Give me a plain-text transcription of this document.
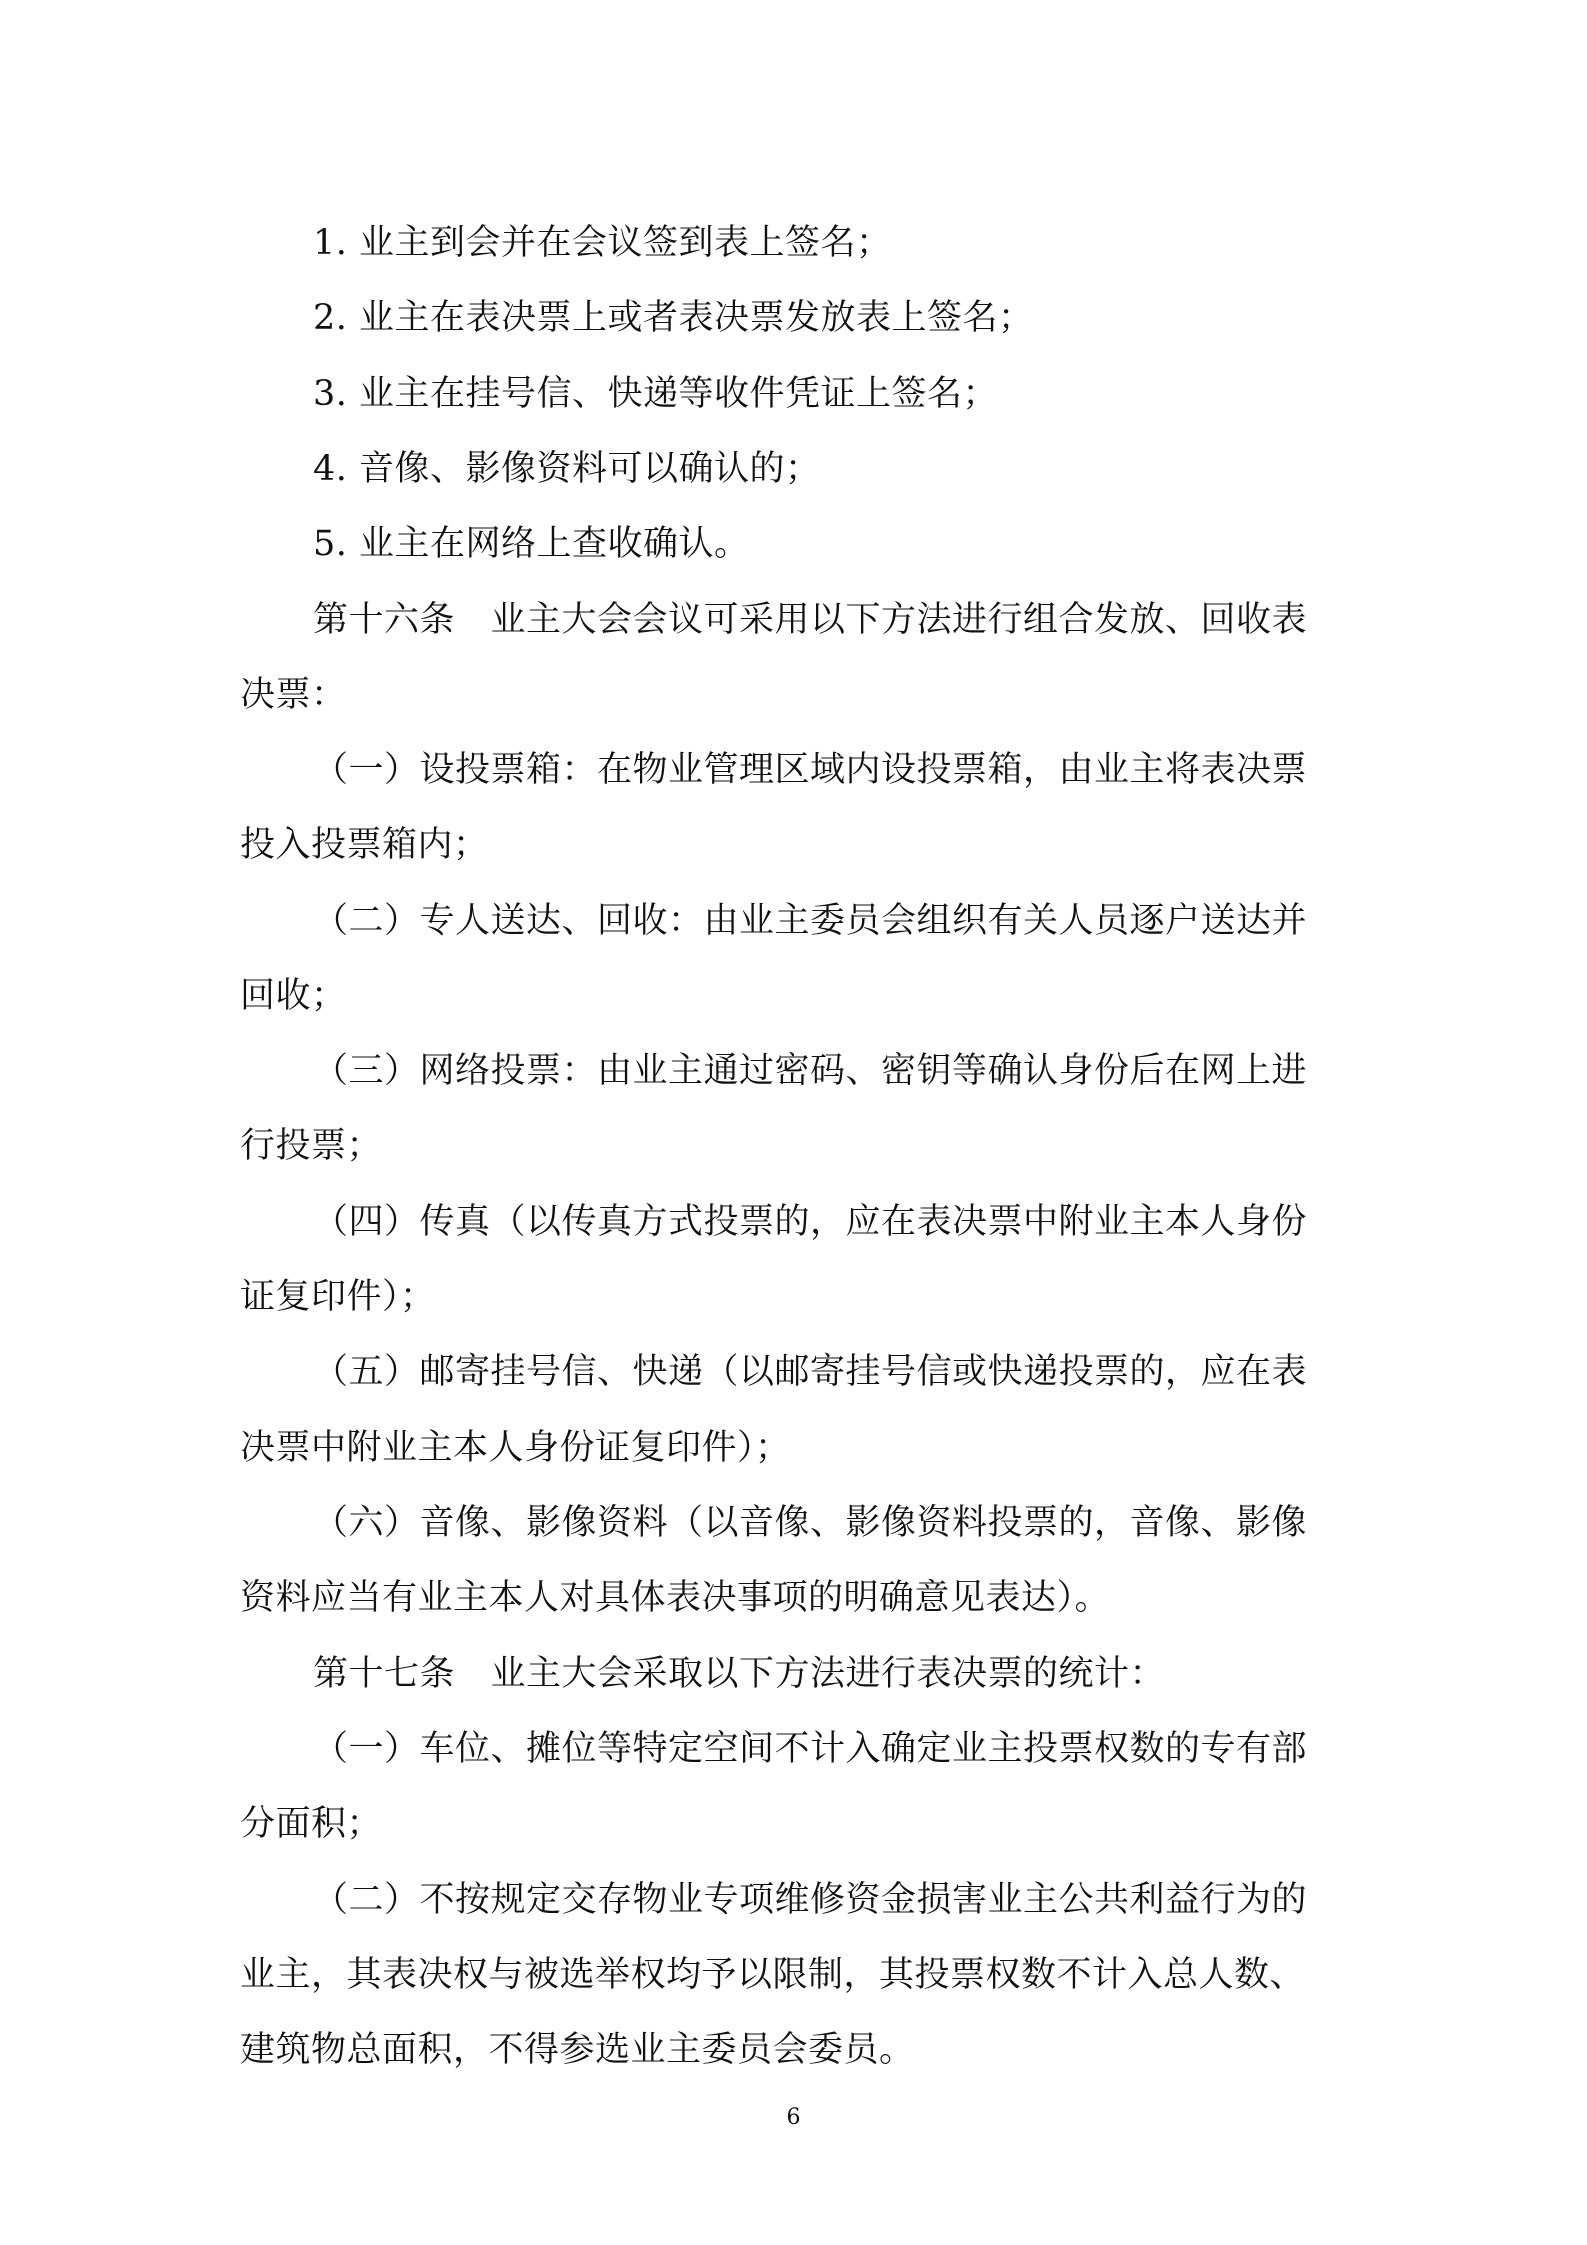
1. 业主到会并在会议签到表上签名；
2. 业主在表决票上或者表决票发放表上签名；
3. 业主在挂号信、快递等收件凭证上签名；
4. 音像、影像资料可以确认的；
5. 业主在网络上查收确认。
第十六条　业主大会会议可采用以下方法进行组合发放、回收表
决票：
（一）设投票箱：在物业管理区域内设投票箱，由业主将表决票
投入投票箱内；
（二）专人送达、回收：由业主委员会组织有关人员逐户送达并
回收；
（三）网络投票：由业主通过密码、密钥等确认身份后在网上进
行投票；
（四）传真（以传真方式投票的，应在表决票中附业主本人身份
证复印件）；
（五）邮寄挂号信、快递（以邮寄挂号信或快递投票的，应在表
决票中附业主本人身份证复印件）；
（六）音像、影像资料（以音像、影像资料投票的，音像、影像
资料应当有业主本人对具体表决事项的明确意见表达）。
第十七条　业主大会采取以下方法进行表决票的统计：
（一）车位、摊位等特定空间不计入确定业主投票权数的专有部
分面积；
（二）不按规定交存物业专项维修资金损害业主公共利益行为的
业主，其表决权与被选举权均予以限制，其投票权数不计入总人数、
建筑物总面积，不得参选业主委员会委员。
6
